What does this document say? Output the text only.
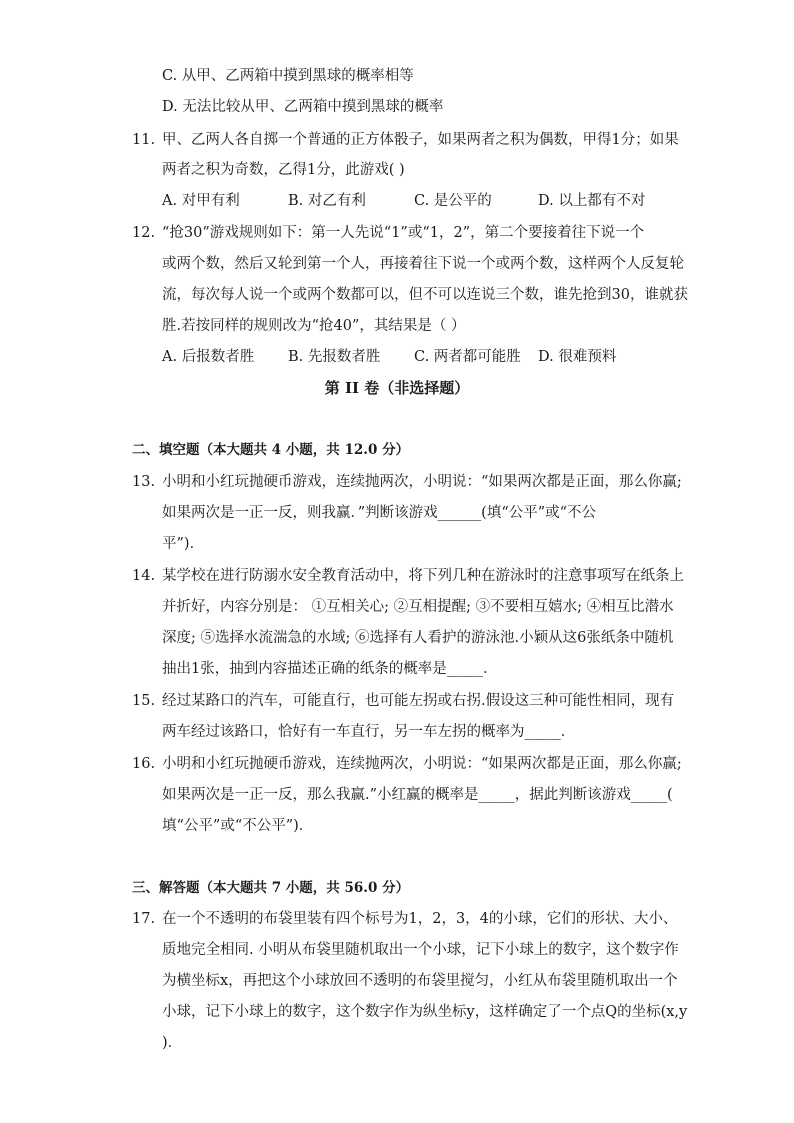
C. 从甲、乙两箱中摸到黑球的概率相等
D. 无法比较从甲、乙两箱中摸到黑球的概率
11. 甲、乙两人各自掷一个普通的正方体骰子，如果两者之积为偶数，甲得1分；如果
两者之积为奇数，乙得1分，此游戏( )
A. 对甲有利	B. 对乙有利	C. 是公平的	D. 以上都有不对
12. “抢30”游戏规则如下：第一人先说“1”或“1，2”，第二个要接着往下说一个
或两个数，然后又轮到第一个人，再接着往下说一个或两个数，这样两个人反复轮
流，每次每人说一个或两个数都可以，但不可以连说三个数，谁先抢到30，谁就获
胜.若按同样的规则改为“抢40”，其结果是（ ）
A. 后报数者胜 B. 先报数者胜 C. 两者都可能胜 D. 很难预料
第 II 卷（非选择题）
二、填空题（本大题共 4 小题，共 12.0 分）
13. 小明和小红玩抛硬币游戏，连续抛两次，小明说：“如果两次都是正面，那么你赢;
如果两次是一正一反，则我赢．”判断该游戏______(填“公平”或“不公
平”)．
14. 某学校在进行防溺水安全教育活动中，将下列几种在游泳时的注意事项写在纸条上
并折好，内容分别是： ①互相关心; ②互相提醒; ③不要相互嬉水; ④相互比潜水
深度; ⑤选择水流湍急的水域; ⑥选择有人看护的游泳池.小颖从这6张纸条中随机
抽出1张，抽到内容描述正确的纸条的概率是_____．
15. 经过某路口的汽车，可能直行，也可能左拐或右拐.假设这三种可能性相同，现有
两车经过该路口，恰好有一车直行，另一车左拐的概率为_____．
16. 小明和小红玩抛硬币游戏，连续抛两次，小明说：“如果两次都是正面，那么你赢;
如果两次是一正一反，那么我赢.”小红赢的概率是_____，据此判断该游戏_____(
填“公平”或“不公平”)．
三、解答题（本大题共 7 小题，共 56.0 分）
17. 在一个不透明的布袋里装有四个标号为1，2，3，4的小球，它们的形状、大小、
质地完全相同. 小明从布袋里随机取出一个小球，记下小球上的数字，这个数字作
为横坐标x，再把这个小球放回不透明的布袋里搅匀，小红从布袋里随机取出一个
小球，记下小球上的数字，这个数字作为纵坐标y，这样确定了一个点Q的坐标(x,y
)．
